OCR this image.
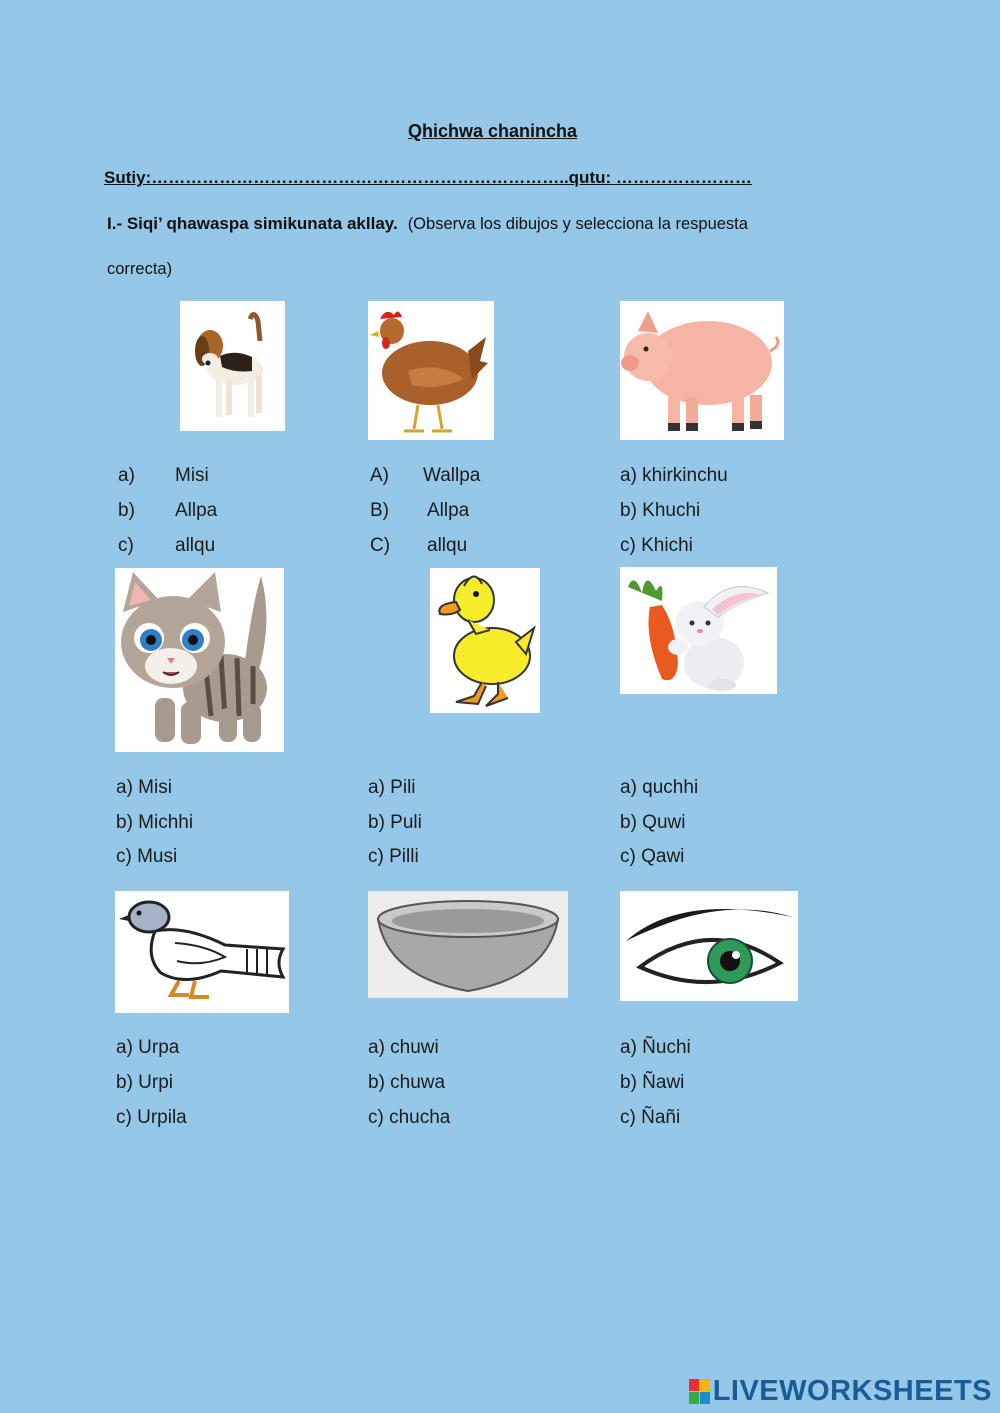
Qhichwa chanincha
Sutiy:………………………………………………………………..qutu: ……………………
I.- Siqi’ qhawaspa simikunata akllay. (Observa los dibujos y selecciona la respuesta
correcta)
a) Misi
b) Allpa
c) allqu
A) Wallpa
B) Allpa
C) allqu
a) khirkinchu
b) Khuchi
c) Khichi
a) Misi
b) Michhi
c) Musi
a) Pili
b) Puli
c) Pilli
a) quchhi
b) Quwi
c) Qawi
a) Urpa
b) Urpi
c) Urpila
a) chuwi
b) chuwa
c) chucha
a) Ñuchi
b) Ñawi
c) Ñañi
LIVEWORKSHEETS
